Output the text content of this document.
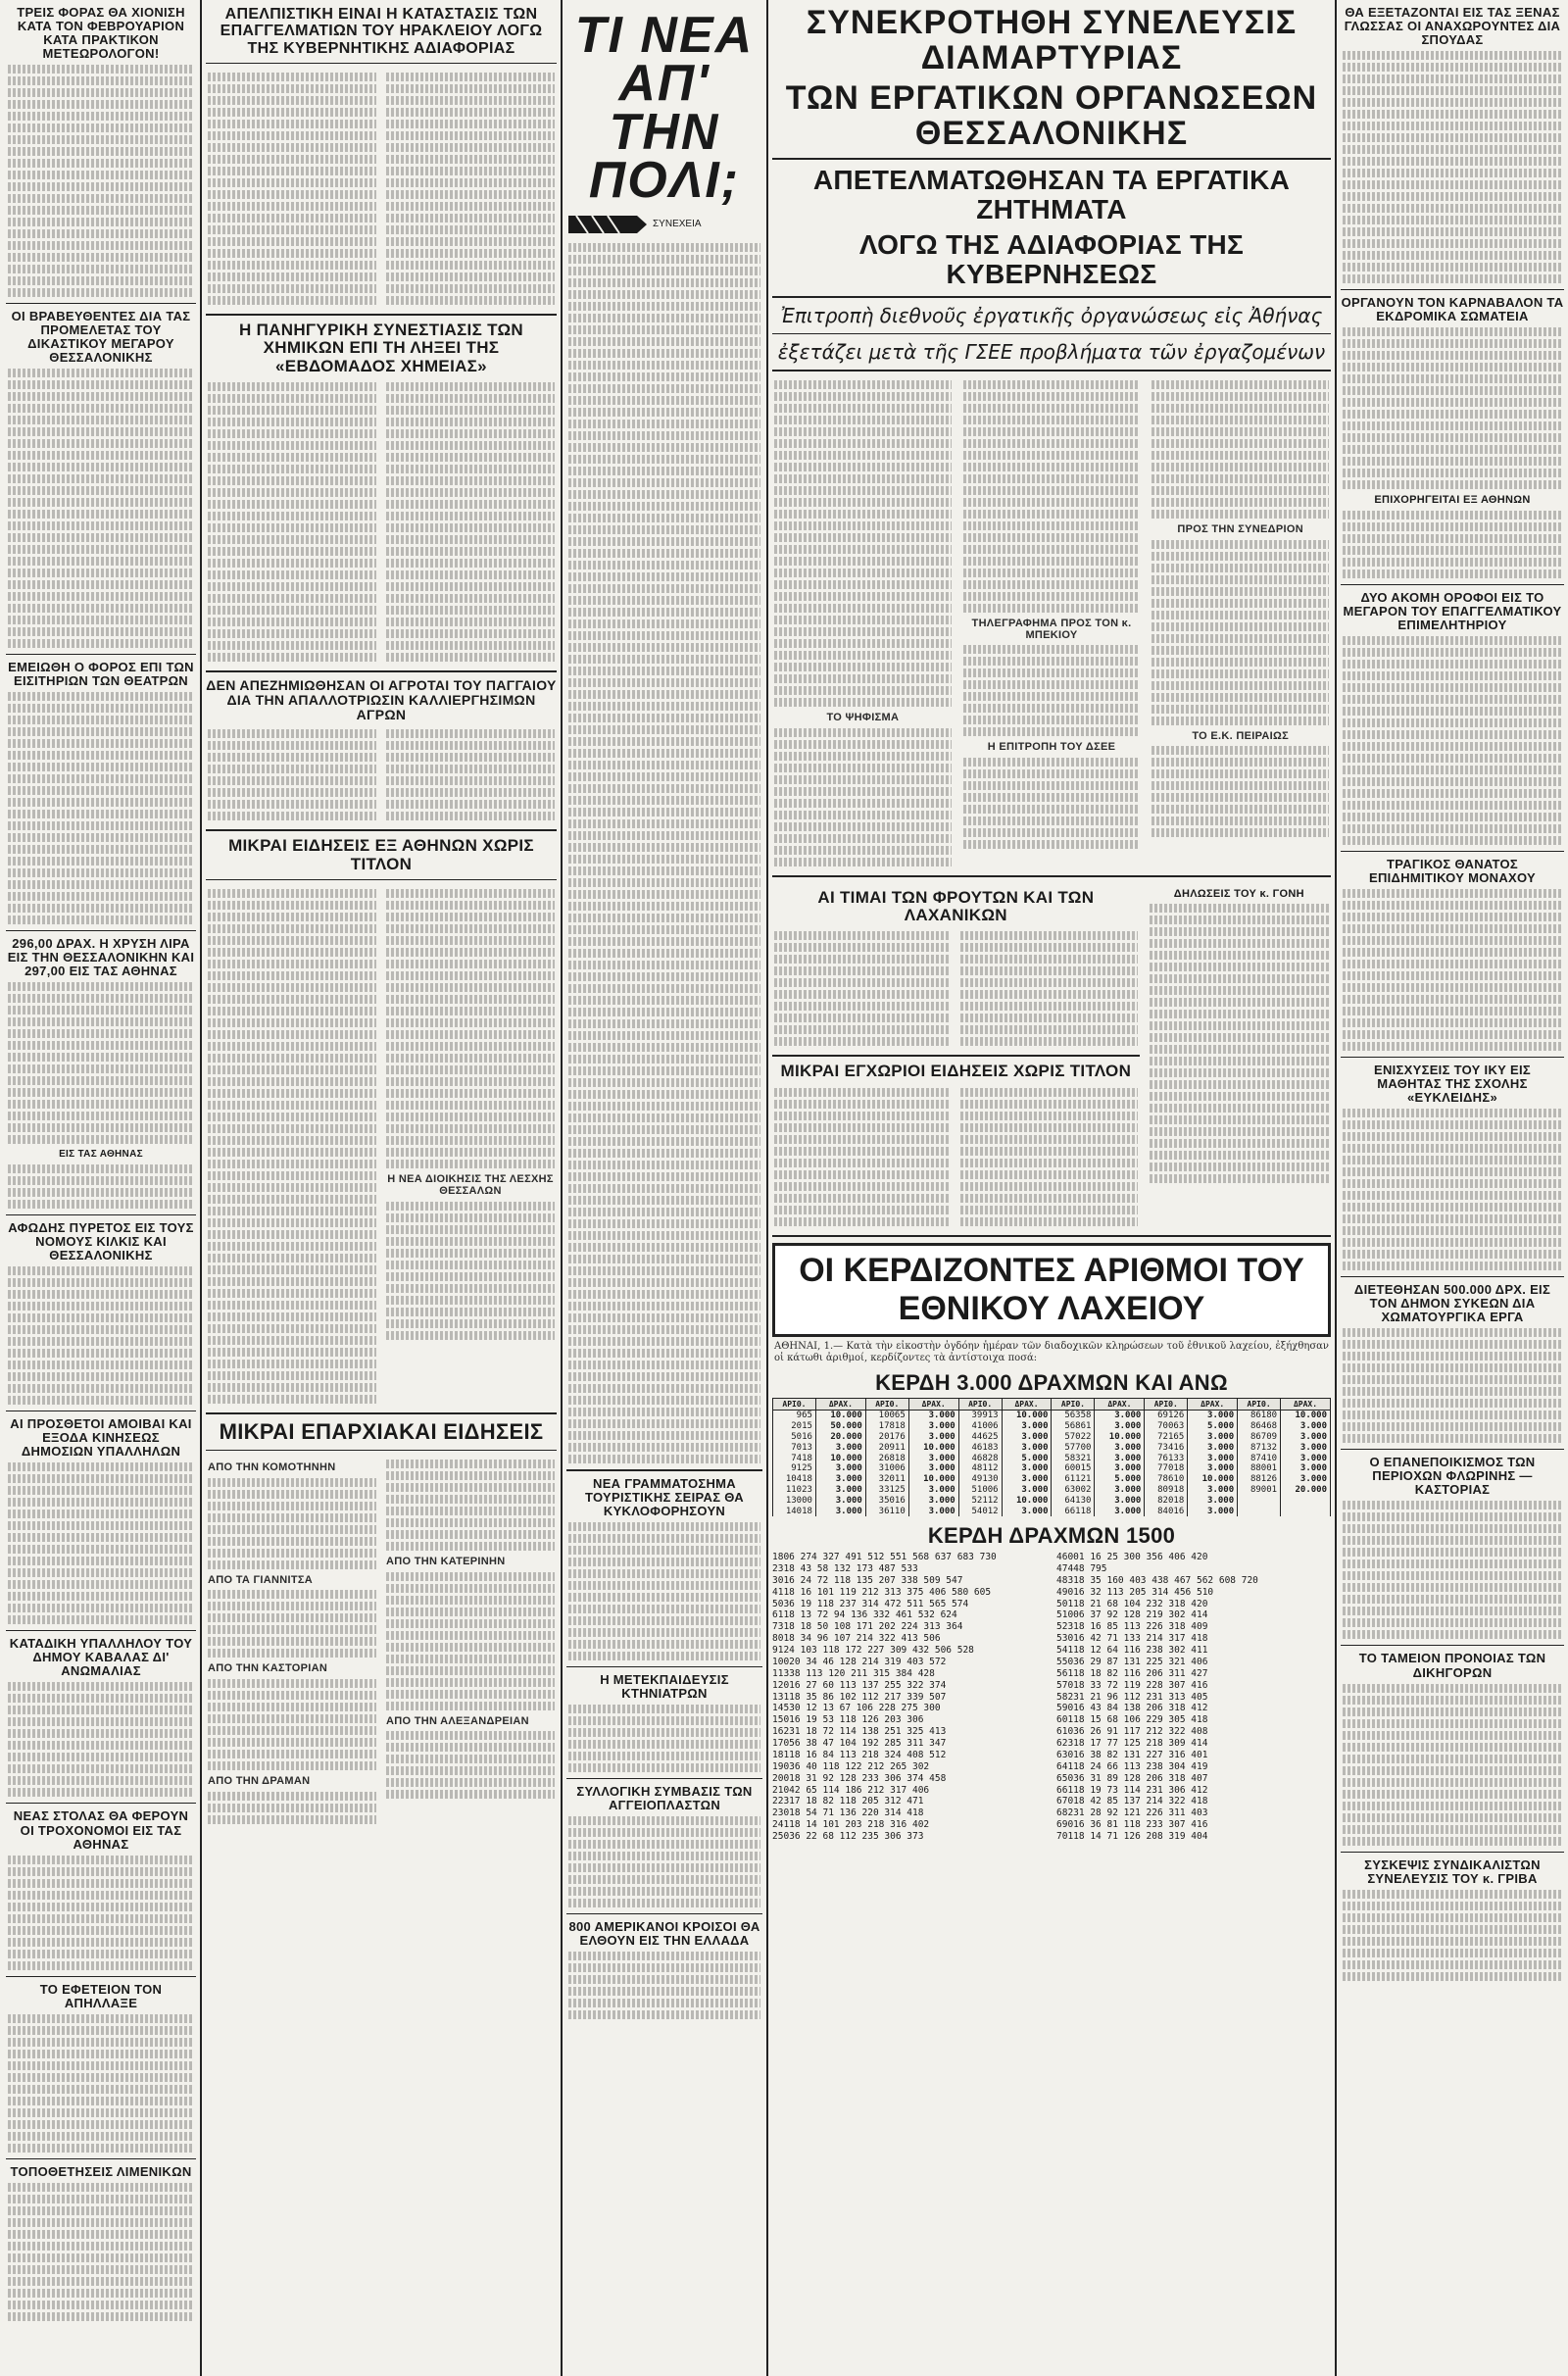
ΤΡΕΙΣ ΦΟΡΑΣ ΘΑ ΧΙΟΝΙΣΗ ΚΑΤΑ ΤΟΝ ΦΕΒΡΟΥΑΡΙΟΝ ΚΑΤΑ ΠΡΑΚΤΙΚΟΝ ΜΕΤΕΩΡΟΛΟΓΟΝ!
ΟΙ ΒΡΑΒΕΥΘΕΝΤΕΣ ΔΙΑ ΤΑΣ ΠΡΟΜΕΛΕΤΑΣ ΤΟΥ ΔΙΚΑΣΤΙΚΟΥ ΜΕΓΑΡΟΥ ΘΕΣΣΑΛΟΝΙΚΗΣ
ΕΜΕΙΩΘΗ Ο ΦΟΡΟΣ ΕΠΙ ΤΩΝ ΕΙΣΙΤΗΡΙΩΝ ΤΩΝ ΘΕΑΤΡΩΝ
296,00 ΔΡΑΧ. Η ΧΡΥΣΗ ΛΙΡΑ ΕΙΣ ΤΗΝ ΘΕΣΣΑΛΟΝΙΚΗΝ ΚΑΙ 297,00 ΕΙΣ ΤΑΣ ΑΘΗΝΑΣ
ΕΙΣ ΤΑΣ ΑΘΗΝΑΣ
ΑΦΩΔΗΣ ΠΥΡΕΤΟΣ ΕΙΣ ΤΟΥΣ ΝΟΜΟΥΣ ΚΙΛΚΙΣ ΚΑΙ ΘΕΣΣΑΛΟΝΙΚΗΣ
ΑΙ ΠΡΟΣΘΕΤΟΙ ΑΜΟΙΒΑΙ ΚΑΙ ΕΞΟΔΑ ΚΙΝΗΣΕΩΣ ΔΗΜΟΣΙΩΝ ΥΠΑΛΛΗΛΩΝ
ΚΑΤΑΔΙΚΗ ΥΠΑΛΛΗΛΟΥ ΤΟΥ ΔΗΜΟΥ ΚΑΒΑΛΑΣ ΔΙ' ΑΝΩΜΑΛΙΑΣ
ΝΕΑΣ ΣΤΟΛΑΣ ΘΑ ΦΕΡΟΥΝ ΟΙ ΤΡΟΧΟΝΟΜΟΙ ΕΙΣ ΤΑΣ ΑΘΗΝΑΣ
ΤΟ ΕΦΕΤΕΙΟΝ ΤΟΝ ΑΠΗΛΛΑΞΕ
ΤΟΠΟΘΕΤΗΣΕΙΣ ΛΙΜΕΝΙΚΩΝ
ΑΠΕΛΠΙΣΤΙΚΗ ΕΙΝΑΙ Η ΚΑΤΑΣΤΑΣΙΣ ΤΩΝ ΕΠΑΓΓΕΛΜΑΤΙΩΝ ΤΟΥ ΗΡΑΚΛΕΙΟΥ ΛΟΓΩ ΤΗΣ ΚΥΒΕΡΝΗΤΙΚΗΣ ΑΔΙΑΦΟΡΙΑΣ
Η ΠΑΝΗΓΥΡΙΚΗ ΣΥΝΕΣΤΙΑΣΙΣ ΤΩΝ ΧΗΜΙΚΩΝ ΕΠΙ ΤΗ ΛΗΞΕΙ ΤΗΣ «ΕΒΔΟΜΑΔΟΣ ΧΗΜΕΙΑΣ»
ΔΕΝ ΑΠΕΖΗΜΙΩΘΗΣΑΝ ΟΙ ΑΓΡΟΤΑΙ ΤΟΥ ΠΑΓΓΑΙΟΥ ΔΙΑ ΤΗΝ ΑΠΑΛΛΟΤΡΙΩΣΙΝ ΚΑΛΛΙΕΡΓΗΣΙΜΩΝ ΑΓΡΩΝ
ΜΙΚΡΑΙ ΕΙΔΗΣΕΙΣ ΕΞ ΑΘΗΝΩΝ ΧΩΡΙΣ ΤΙΤΛΟΝ
Η ΝΕΑ ΔΙΟΙΚΗΣΙΣ ΤΗΣ ΛΕΣΧΗΣ ΘΕΣΣΑΛΩΝ
ΜΙΚΡΑΙ ΕΠΑΡΧΙΑΚΑΙ ΕΙΔΗΣΕΙΣ
ΑΠΟ ΤΗΝ ΚΟΜΟΤΗΝΗΝ
ΑΠΟ ΤΑ ΓΙΑΝΝΙΤΣΑ
ΑΠΟ ΤΗΝ ΚΑΣΤΟΡΙΑΝ
ΑΠΟ ΤΗΝ ΔΡΑΜΑΝ
ΑΠΟ ΤΗΝ ΚΑΤΕΡΙΝΗΝ
ΑΠΟ ΤΗΝ ΑΛΕΞΑΝΔΡΕΙΑΝ
ΤΙ ΝΕΑ ΑΠ' ΤΗΝ ΠΟΛΙ;
ΣΥΝΕΧΕΙΑ
ΝΕΑ ΓΡΑΜΜΑΤΟΣΗΜΑ ΤΟΥΡΙΣΤΙΚΗΣ ΣΕΙΡΑΣ ΘΑ ΚΥΚΛΟΦΟΡΗΣΟΥΝ
Η ΜΕΤΕΚΠΑΙΔΕΥΣΙΣ ΚΤΗΝΙΑΤΡΩΝ
ΣΥΛΛΟΓΙΚΗ ΣΥΜΒΑΣΙΣ ΤΩΝ ΑΓΓΕΙΟΠΛΑΣΤΩΝ
800 ΑΜΕΡΙΚΑΝΟΙ ΚΡΟΙΣΟΙ ΘΑ ΕΛΘΟΥΝ ΕΙΣ ΤΗΝ ΕΛΛΑΔΑ
ΣΥΝΕΚΡΟΤΗΘΗ ΣΥΝΕΛΕΥΣΙΣ ΔΙΑΜΑΡΤΥΡΙΑΣ
ΤΩΝ ΕΡΓΑΤΙΚΩΝ ΟΡΓΑΝΩΣΕΩΝ ΘΕΣΣΑΛΟΝΙΚΗΣ
ΑΠΕΤΕΛΜΑΤΩΘΗΣΑΝ ΤΑ ΕΡΓΑΤΙΚΑ ΖΗΤΗΜΑΤΑ
ΛΟΓΩ ΤΗΣ ΑΔΙΑΦΟΡΙΑΣ ΤΗΣ ΚΥΒΕΡΝΗΣΕΩΣ
Ἐπιτροπὴ διεθνοῦς ἐργατικῆς ὀργανώσεως εἰς Ἀθήνας
ἐξετάζει μετὰ τῆς ΓΣΕΕ προβλήματα τῶν ἐργαζομένων
ΤΟ ΨΗΦΙΣΜΑ
ΤΗΛΕΓΡΑΦΗΜΑ ΠΡΟΣ ΤΟΝ κ. ΜΠΕΚΙΟΥ
Η ΕΠΙΤΡΟΠΗ ΤΟΥ ΔΣΕΕ
ΠΡΟΣ ΤΗΝ ΣΥΝΕΔΡΙΟΝ
ΤΟ Ε.Κ. ΠΕΙΡΑΙΩΣ
ΑΙ ΤΙΜΑΙ ΤΩΝ ΦΡΟΥΤΩΝ ΚΑΙ ΤΩΝ ΛΑΧΑΝΙΚΩΝ
ΜΙΚΡΑΙ ΕΓΧΩΡΙΟΙ ΕΙΔΗΣΕΙΣ ΧΩΡΙΣ ΤΙΤΛΟΝ
ΔΗΛΩΣΕΙΣ ΤΟΥ κ. ΓΟΝΗ
ΟΙ ΚΕΡΔΙΖΟΝΤΕΣ ΑΡΙΘΜΟΙ ΤΟΥ ΕΘΝΙΚΟΥ ΛΑΧΕΙΟΥ
ΑΘΗΝΑΙ, 1.— Κατὰ τὴν εἰκοστὴν ὀγδόην ἡμέραν τῶν διαδοχικῶν κληρώσεων τοῦ ἐθνικοῦ λαχείου, ἐξήχθησαν οἱ κάτωθι ἀριθμοί, κερδίζοντες τὰ ἀντίστοιχα ποσά:
ΚΕΡΔΗ 3.000 ΔΡΑΧΜΩΝ ΚΑΙ ΑΝΩ
ΑΡΙΘ.	ΔΡΑΧ.	ΑΡΙΘ.	ΔΡΑΧ.	ΑΡΙΘ.	ΔΡΑΧ.	ΑΡΙΘ.	ΔΡΑΧ.	ΑΡΙΘ.	ΔΡΑΧ.	ΑΡΙΘ.	ΔΡΑΧ.
965	10.000	10065	3.000	39913	10.000	56358	3.000	69126	3.000	86180	10.000
2015	50.000	17818	3.000	41006	3.000	56861	3.000	70063	5.000	86468	3.000
5016	20.000	20176	3.000	44625	3.000	57022	10.000	72165	3.000	86709	3.000
7013	3.000	20911	10.000	46183	3.000	57700	3.000	73416	3.000	87132	3.000
7418	10.000	26818	3.000	46828	5.000	58321	3.000	76133	3.000	87410	3.000
9125	3.000	31006	3.000	48112	3.000	60015	3.000	77018	3.000	88001	3.000
10418	3.000	32011	10.000	49130	3.000	61121	5.000	78610	10.000	88126	3.000
11023	3.000	33125	3.000	51006	3.000	63002	3.000	80918	3.000	89001	20.000
13000	3.000	35016	3.000	52112	10.000	64130	3.000	82018	3.000		
14018	3.000	36110	3.000	54012	3.000	66118	3.000	84016	3.000		
ΚΕΡΔΗ ΔΡΑΧΜΩΝ 1500
1806 274 327 491 512 551 568 637 683 730
2318 43 58 132 173 487 533
3016 24 72 118 135 207 338 509 547
4118 16 101 119 212 313 375 406 580 605
5036 19 118 237 314 472 511 565 574
6118 13 72 94 136 332 461 532 624
7318 18 50 108 171 202 224 313 364
8018 34 96 107 214 322 413 506
9124 103 118 172 227 309 432 506 528
10020 34 46 128 214 319 403 572
11338 113 120 211 315 384 428
12016 27 60 113 137 255 322 374
13118 35 86 102 112 217 339 507
14530 12 13 67 106 228 275 300
15016 19 53 118 126 203 306
16231 18 72 114 138 251 325 413
17056 38 47 104 192 285 311 347
18118 16 84 113 218 324 408 512
19036 40 118 122 212 265 302
20018 31 92 128 233 306 374 458
21042 65 114 186 212 317 406
22317 18 82 118 205 312 471
23018 54 71 136 220 314 418
24118 14 101 203 218 316 402
25036 22 68 112 235 306 373
46001 16 25 300 356 406 420
47448 795
48318 35 160 403 438 467 562 608 720
49016 32 113 205 314 456 510
50118 21 68 104 232 318 420
51006 37 92 128 219 302 414
52318 16 85 113 226 318 409
53016 42 71 133 214 317 418
54118 12 64 116 238 302 411
55036 29 87 131 225 321 406
56118 18 82 116 206 311 427
57018 33 72 119 228 307 416
58231 21 96 112 231 313 405
59016 43 84 138 206 318 412
60118 15 68 106 229 305 418
61036 26 91 117 212 322 408
62318 17 77 125 218 309 414
63016 38 82 131 227 316 401
64118 24 66 113 238 304 419
65036 31 89 128 206 318 407
66118 19 73 114 231 306 412
67018 42 85 137 214 322 418
68231 28 92 121 226 311 403
69016 36 81 118 233 307 416
70118 14 71 126 208 319 404
ΘΑ ΕΞΕΤΑΖΟΝΤΑΙ ΕΙΣ ΤΑΣ ΞΕΝΑΣ ΓΛΩΣΣΑΣ ΟΙ ΑΝΑΧΩΡΟΥΝΤΕΣ ΔΙΑ ΣΠΟΥΔΑΣ
ΟΡΓΑΝΟΥΝ ΤΟΝ ΚΑΡΝΑΒΑΛΟΝ ΤΑ ΕΚΔΡΟΜΙΚΑ ΣΩΜΑΤΕΙΑ
ΕΠΙΧΟΡΗΓΕΙΤΑΙ ΕΞ ΑΘΗΝΩΝ
ΔΥΟ ΑΚΟΜΗ ΟΡΟΦΟΙ ΕΙΣ ΤΟ ΜΕΓΑΡΟΝ ΤΟΥ ΕΠΑΓΓΕΛΜΑΤΙΚΟΥ ΕΠΙΜΕΛΗΤΗΡΙΟΥ
ΤΡΑΓΙΚΟΣ ΘΑΝΑΤΟΣ ΕΠΙΔΗΜΙΤΙΚΟΥ ΜΟΝΑΧΟΥ
ΕΝΙΣΧΥΣΕΙΣ ΤΟΥ ΙΚΥ ΕΙΣ ΜΑΘΗΤΑΣ ΤΗΣ ΣΧΟΛΗΣ «ΕΥΚΛΕΙΔΗΣ»
ΔΙΕΤΕΘΗΣΑΝ 500.000 ΔΡΧ. ΕΙΣ ΤΟΝ ΔΗΜΟΝ ΣΥΚΕΩΝ ΔΙΑ ΧΩΜΑΤΟΥΡΓΙΚΑ ΕΡΓΑ
Ο ΕΠΑΝΕΠΟΙΚΙΣΜΟΣ ΤΩΝ ΠΕΡΙΟΧΩΝ ΦΛΩΡΙΝΗΣ — ΚΑΣΤΟΡΙΑΣ
ΤΟ ΤΑΜΕΙΟΝ ΠΡΟΝΟΙΑΣ ΤΩΝ ΔΙΚΗΓΟΡΩΝ
ΣΥΣΚΕΨΙΣ ΣΥΝΔΙΚΑΛΙΣΤΩΝ ΣΥΝΕΛΕΥΣΙΣ ΤΟΥ κ. ΓΡΙΒΑ
